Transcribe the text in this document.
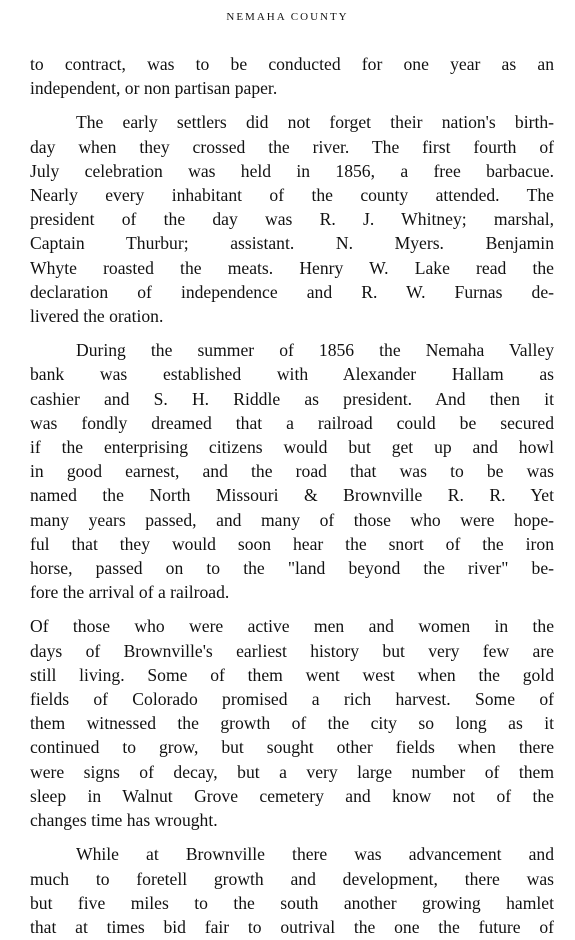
NEMAHA COUNTY

to contract, was to be conducted for one year as an

independent, or non partisan paper.

The early settlers did not forget their nation's birth-

day when they crossed the river. The first fourth of

July celebration was held in 1856, a free barbacue.

Nearly every inhabitant of the county attended. The

president of the day was R. J. Whitney; marshal,

Captain Thurbur; assistant. N. Myers. Benjamin

Whyte roasted the meats. Henry W. Lake read the

declaration of independence and R. W. Furnas de-

livered the oration.

During the summer of 1856 the Nemaha Valley

bank was established with Alexander Hallam as

cashier and S. H. Riddle as president. And then it

was fondly dreamed that a railroad could be secured

if the enterprising citizens would but get up and howl

in good earnest, and the road that was to be was

named the North Missouri & Brownville R. R. Yet

many years passed, and many of those who were hope-

ful that they would soon hear the snort of the iron

horse, passed on to the "land beyond the river" be-

fore the arrival of a railroad.

Of those who were active men and women in the

days of Brownville's earliest history but very few are

still living. Some of them went west when the gold

fields of Colorado promised a rich harvest. Some of

them witnessed the growth of the city so long as it

continued to grow, but sought other fields when there

were signs of decay, but a very large number of them

sleep in Walnut Grove cemetery and know not of the

changes time has wrought.

While at Brownville there was advancement and

much to foretell growth and development, there was

but five miles to the south another growing hamlet

that at times bid fair to outrival the one the future of
